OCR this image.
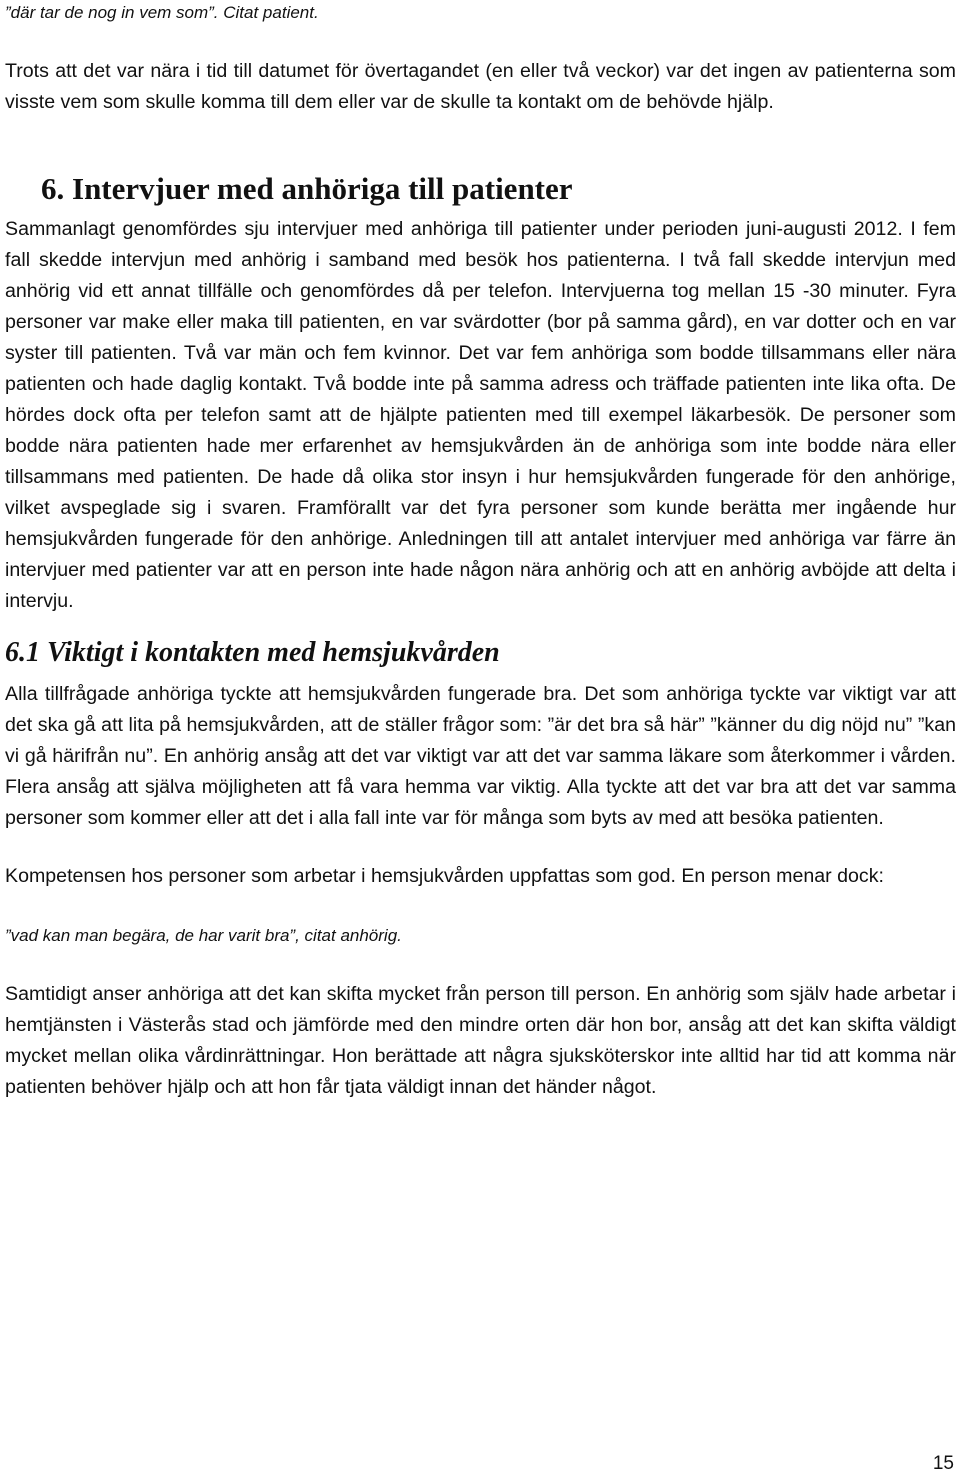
”där tar de nog in vem som”. Citat patient.

Trots att det var nära i tid till datumet för övertagandet (en eller två veckor) var det ingen av patienterna som visste vem som skulle komma till dem eller var de skulle ta kontakt om de behövde hjälp.

6. Intervjuer med anhöriga till patienter

Sammanlagt genomfördes sju intervjuer med anhöriga till patienter under perioden juni-augusti 2012. I fem fall skedde intervjun med anhörig i samband med besök hos patienterna. I två fall skedde intervjun med anhörig vid ett annat tillfälle och genomfördes då per telefon. Intervjuerna tog mellan 15 -30 minuter. Fyra personer var make eller maka till patienten, en var svärdotter (bor på samma gård), en var dotter och en var syster till patienten. Två var män och fem kvinnor. Det var fem anhöriga som bodde tillsammans eller nära patienten och hade daglig kontakt. Två bodde inte på samma adress och träffade patienten inte lika ofta. De hördes dock ofta per telefon samt att de hjälpte patienten med till exempel läkarbesök. De personer som bodde nära patienten hade mer erfarenhet av hemsjukvården än de anhöriga som inte bodde nära eller tillsammans med patienten. De hade då olika stor insyn i hur hemsjukvården fungerade för den anhörige, vilket avspeglade sig i svaren. Framförallt var det fyra personer som kunde berätta mer ingående hur hemsjukvården fungerade för den anhörige. Anledningen till att antalet intervjuer med anhöriga var färre än intervjuer med patienter var att en person inte hade någon nära anhörig och att en anhörig avböjde att delta i intervju.

6.1 Viktigt i kontakten med hemsjukvården

Alla tillfrågade anhöriga tyckte att hemsjukvården fungerade bra. Det som anhöriga tyckte var viktigt var att det ska gå att lita på hemsjukvården, att de ställer frågor som: ”är det bra så här” ”känner du dig nöjd nu” ”kan vi gå härifrån nu”. En anhörig ansåg att det var viktigt var att det var samma läkare som återkommer i vården. Flera ansåg att själva möjligheten att få vara hemma var viktig. Alla tyckte att det var bra att det var samma personer som kommer eller att det i alla fall inte var för många som byts av med att besöka patienten.

Kompetensen hos personer som arbetar i hemsjukvården uppfattas som god. En person menar dock:

”vad kan man begära, de har varit bra”, citat anhörig.

Samtidigt anser anhöriga att det kan skifta mycket från person till person. En anhörig som själv hade arbetar i hemtjänsten i Västerås stad och jämförde med den mindre orten där hon bor, ansåg att det kan skifta väldigt mycket mellan olika vårdinrättningar. Hon berättade att några sjuksköterskor inte alltid har tid att komma när patienten behöver hjälp och att hon får tjata väldigt innan det händer något.

15
